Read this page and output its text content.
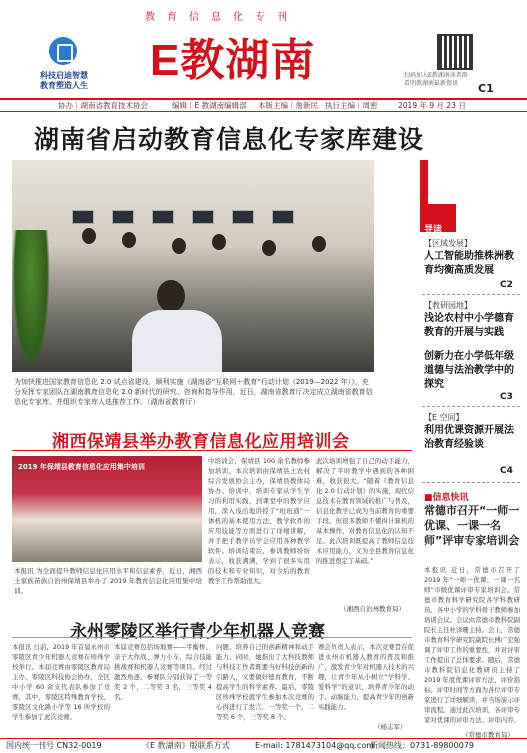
教育信息化专刊
科技启迪智慧
教育塑造人生
E教湖南	扫码加入E教湖南读者群
看明教湖南最新资讯 C1
协办｜湖南省教育技术协会	编辑｜E 教湖南编辑部 本版主编｜詹新民 执行主编｜周密	2019 年 9 月 23 日
湖南省启动教育信息化专家库建设
为加快推进国家教育信息化 2.0 试点省建设，顺利实施《湖南省“互联网＋教育”行动计划（2019—2022 年）》，充分发挥专家团队在湖南教育信息化 2.0 新时代的研究、咨询和指导作用，近日，湖南省教育厅决定成立湖南省教育信息化专家库，并组织专家库人选推荐工作。（湖南省教育厅）
导读
【区域发展】
人工智能助推株洲教育均衡高质发展
C2
【教研园地】
浅论农村中小学德育教育的开展与实践
创新力在小学低年级道德与法治教学中的探究
C3
【E 空间】
利用优课资源开展法治教育经验谈
C4
■信息快讯
常德市召开“一师一优课、一课一名师”评审专家培训会
本报讯 近日，常德市召开了 2019 年“一师一优课、一课一名师”市级优课评审专家培训会。常德市教育科学研究院各学科教研员、各中小学的学科骨干教师参加培训会议。会议由常德市教科院副院长主任杜泽珊主持。会上，常德市教育科学研究院副院长傅广宏强调了评审工作的重要性，并对评审工作提出了总体要求。随后，常德市教科院信息化教研员主持了 2019 年度优课评审方法、评价指标、评审时间等方面为各位评审专家进行了详细解读，并当场演示评审流程。通过此次培训，各评审专家对优课的评审方法、评审内容、
（常德市教育局）
湘西保靖县举办教育信息化应用培训会
2019 年保靖县教育信息化应用集中培训
本报讯 为全面提升教师信息化应用水平和信息素养，近日，湘西土家族苗族自治州保靖县举办了 2019 年教育信息化应用集中培训。
中培训会，保靖县 100 余名教师参加培训。本次培训由保靖县土农村综合发展协会主办，保靖县教体局协办。培训中，培训专家从学生学习的利用实践，到课堂中的教学应用，深入浅出地讲授了“班班通”一体机的基本使用方法、教学软件的应用技能等方面进行了详细讲解，并手把手教学员学会应用各种教学软件。培训结束后，参训教师纷纷表示，收获满满，学到了很多实用的技术和专业知识，对今后的教育教学工作帮助很大。
此次培训增强了自己的动手能力，解决了平时教学中遇到的各种困难，收获很大。“随着《教育信息化 2.0 行动计划》的实施，现代信息技术在教育领域的推广与普及，信息化教学已成为当前教育的重要手段。但很多教师不懂得计算机的基本操作，对教育信息化的认知不足。此次培训既提高了教师信息技术应用能力，又为全县教育信息化的推进奠定了基础。”
（湘西自治州教育局）
永州零陵区举行青少年机器人竞赛
本报讯 日前，2019 年首届永州市零陵区青少年机器人竞赛在珍珠学校举行。本届竞赛由零陵区教育局主办，零陵区科技协会协办，全区中小学 60 余支代表队参加了竞赛，其中，零陵区特殊教育学校、零陵区文化路小学等 16 所学校的学生参加了此次竞赛。
本届竞赛包括场地赛——平衡桥、亲子大作战、弹力小车，综合技能挑战赛和机器人竞赛等项目。经过激烈角逐，参赛队分别获得了一等奖 2 个，二等奖 3 名，三等奖 4 名。
问题，培养自己的创新精神和动手能力。同时，她指出了大科技教师与科技工作者既要当好科技创新的引路人，又要做好德育教育，不断提高学生的科学素养。最后，零陵区珍珠学校就学生参加本次竞赛的心得进行了发言，一等奖一个，二等奖 6 个，三等奖 8 个。
赛会负责人表示，本次竞赛旨在促进永州市机器人教育的普及和推广，激发青少年对机器人技术的兴趣，让青少年从小树立“学科学、爱科学”的意识，培养青少年的动手、动脑能力，提高青少年的创新实践能力。
（杨志军）
国内统一刊号 CN32-0019	《E 教湖南》版联系方式	E-mail: 1781473104@qq.com
新闻热线：0731-89800079
